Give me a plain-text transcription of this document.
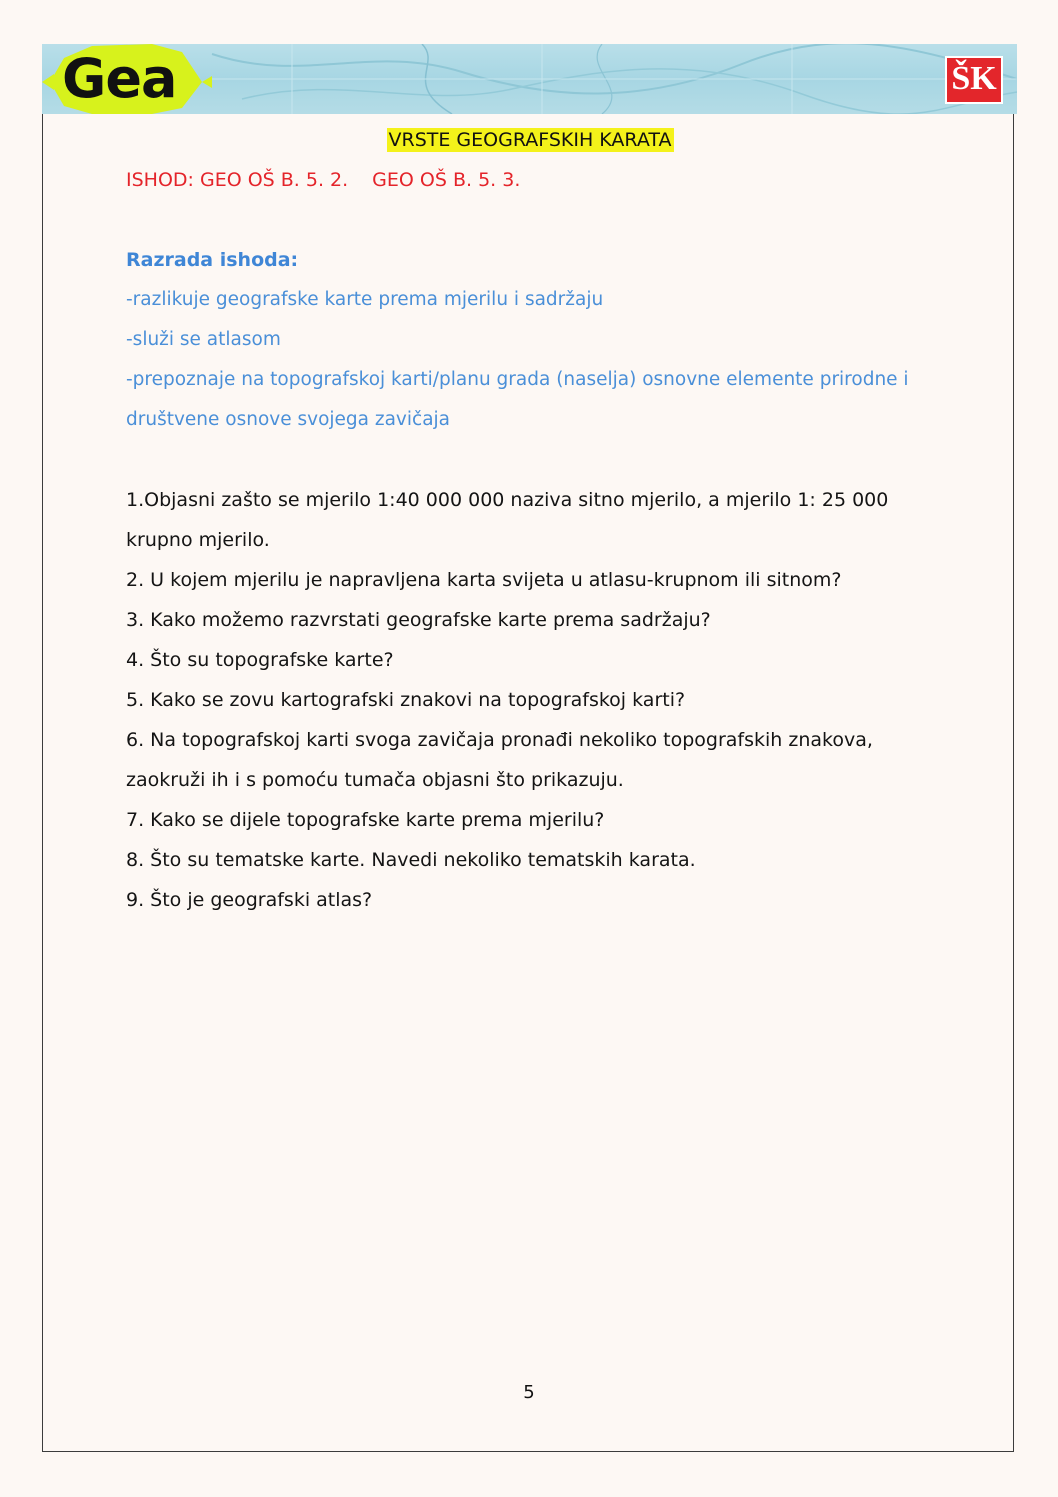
Gea	ŠK
VRSTE GEOGRAFSKIH KARATA
ISHOD: GEO OŠ B. 5. 2. GEO OŠ B. 5. 3.
Razrada ishoda:
-razlikuje geografske karte prema mjerilu i sadržaju
-služi se atlasom
-prepoznaje na topografskoj karti/planu grada (naselja) osnovne elemente prirodne i
društvene osnove svojega zavičaja
1.Objasni zašto se mjerilo 1:40 000 000 naziva sitno mjerilo, a mjerilo 1: 25 000
krupno mjerilo.
2. U kojem mjerilu je napravljena karta svijeta u atlasu-krupnom ili sitnom?
3. Kako možemo razvrstati geografske karte prema sadržaju?
4. Što su topografske karte?
5. Kako se zovu kartografski znakovi na topografskoj karti?
6. Na topografskoj karti svoga zavičaja pronađi nekoliko topografskih znakova,
zaokruži ih i s pomoću tumača objasni što prikazuju.
7. Kako se dijele topografske karte prema mjerilu?
8. Što su tematske karte. Navedi nekoliko tematskih karata.
9. Što je geografski atlas?
5
